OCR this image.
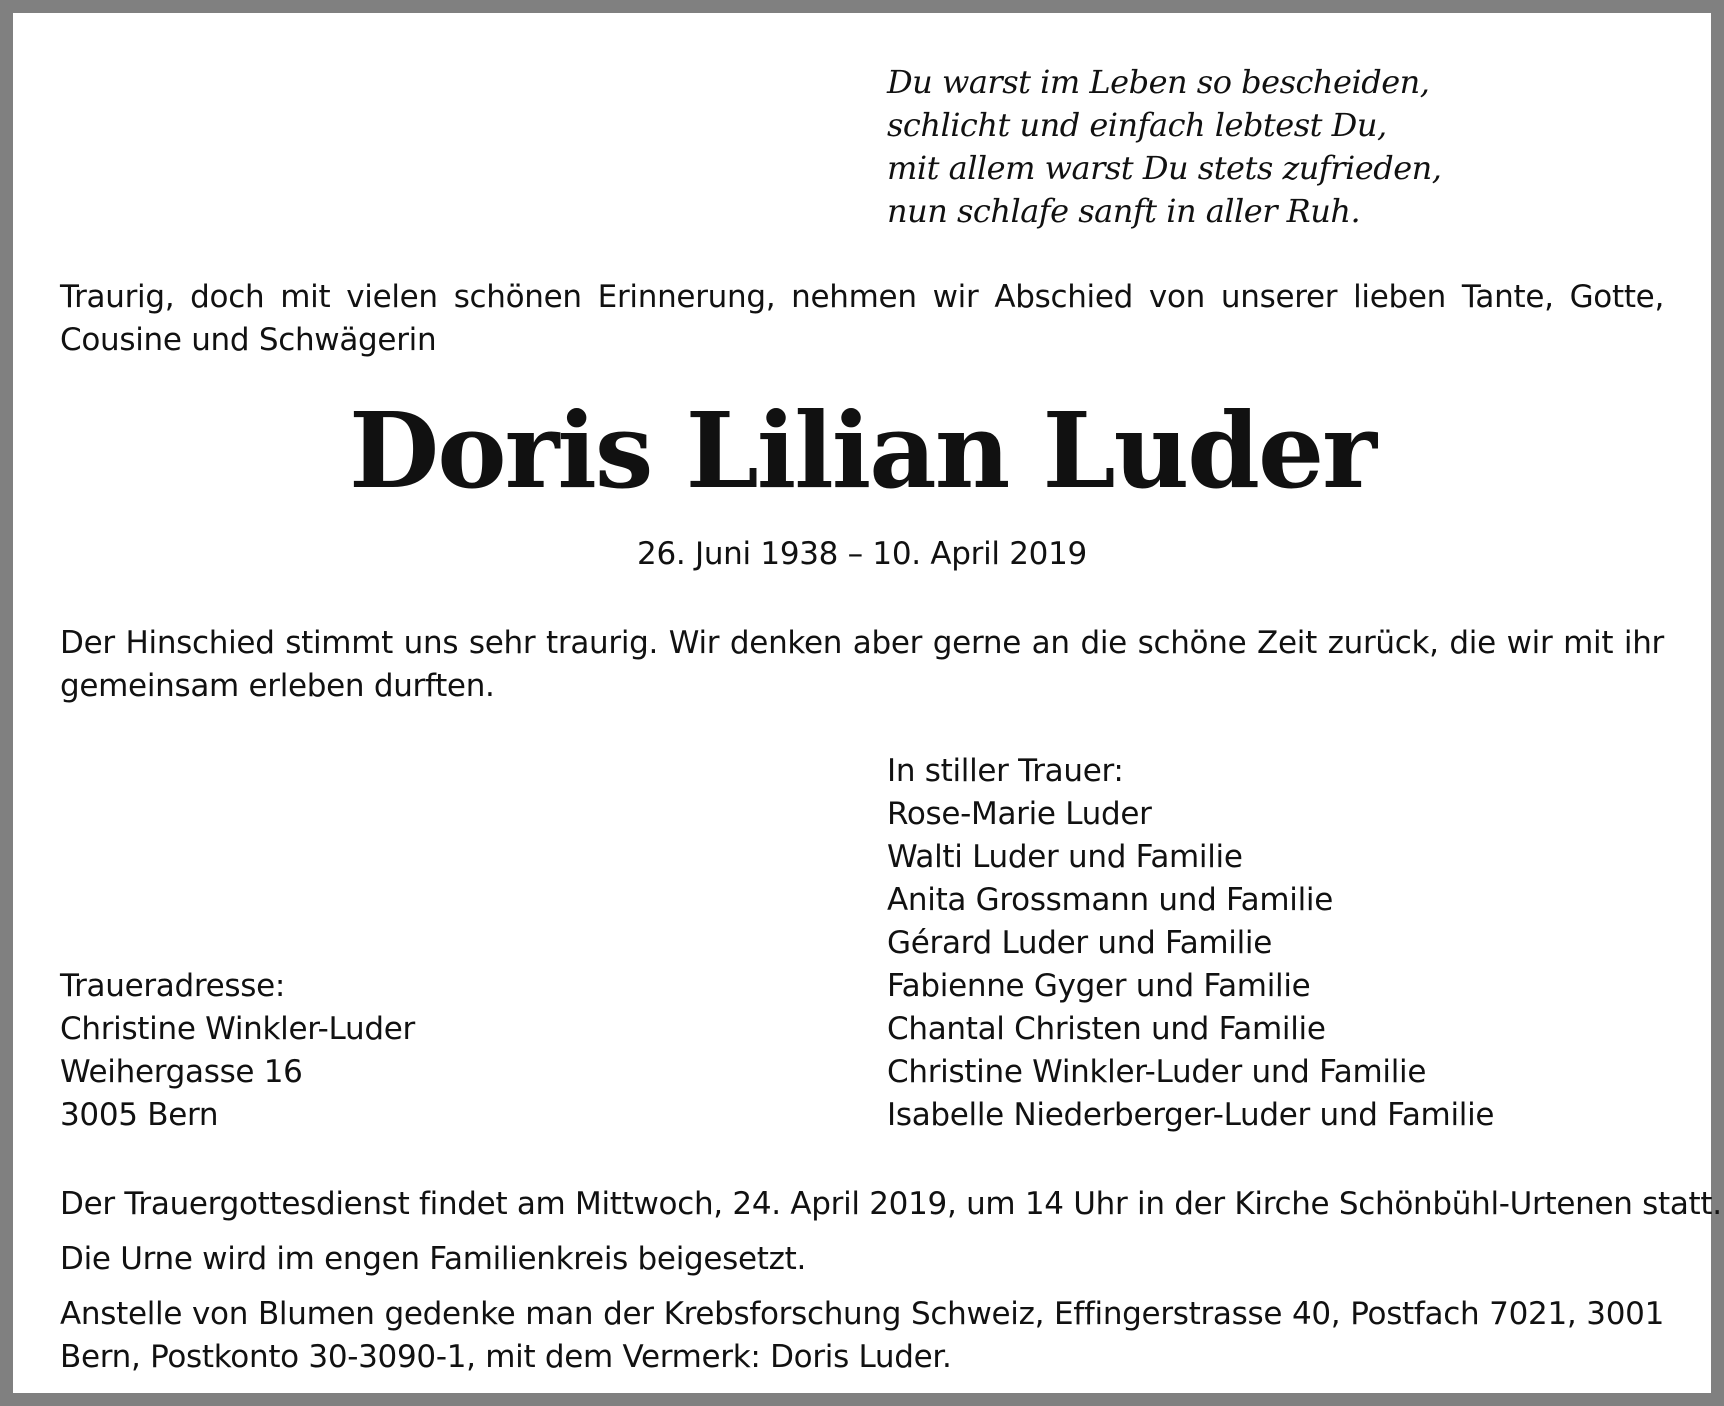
Du warst im Leben so bescheiden,
schlicht und einfach lebtest Du,
mit allem warst Du stets zufrieden,
nun schlafe sanft in aller Ruh.

Traurig, doch mit vielen schönen Erinnerung, nehmen wir Abschied von unserer lieben Tante, Gotte, Cousine und Schwägerin

Doris Lilian Luder
26. Juni 1938 – 10. April 2019

Der Hinschied stimmt uns sehr traurig. Wir denken aber gerne an die schöne Zeit zurück, die wir mit ihr gemeinsam erleben durften.

In stiller Trauer:
Rose-Marie Luder
Walti Luder und Familie
Anita Grossmann und Familie
Gérard Luder und Familie
Fabienne Gyger und Familie
Chantal Christen und Familie
Christine Winkler-Luder und Familie
Isabelle Niederberger-Luder und Familie
Traueradresse:
Christine Winkler-Luder
Weihergasse 16
3005 Bern

Der Trauergottesdienst findet am Mittwoch, 24. April 2019, um 14 Uhr in der Kirche Schönbühl-Urtenen statt.

Die Urne wird im engen Familienkreis beigesetzt.

Anstelle von Blumen gedenke man der Krebsforschung Schweiz, Effingerstrasse 40, Postfach 7021, 3001 Bern, Postkonto 30-3090-1, mit dem Vermerk: Doris Luder.
